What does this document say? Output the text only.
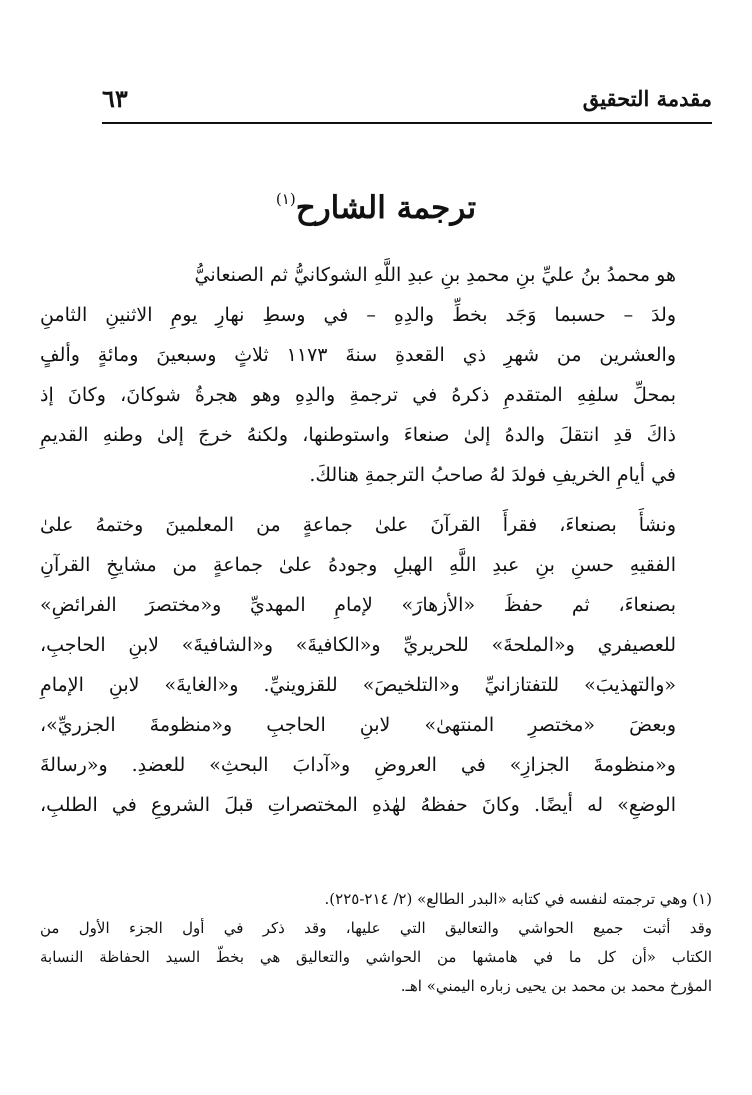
مقدمة التحقيق
٦٣
ترجمة الشارح$^{(١)}$

هو محمدُ بنُ عليِّ بنِ محمدِ بنِ عبدِ اللَّهِ الشوكانيُّ ثم الصنعانيُّ

ولدَ – حسبما وَجَد بخطِّ والدِهِ – في وسطِ نهارِ يومِ الاثنينِ الثامنِ
والعشرين من شهرِ ذي القعدةِ سنةَ ١١٧٣ ثلاثٍ وسبعينَ ومائةٍ وألفٍ
بمحلِّ سلفِهِ المتقدمِ ذكرهُ في ترجمةِ والدِهِ وهو هجرةُ شوكانَ، وكانَ إذ
ذاكَ قدِ انتقلَ والدهُ إلىٰ صنعاءَ واستوطنها، ولكنهُ خرجَ إلىٰ وطنهِ القديمِ
في أيامِ الخريفِ فولدَ لهُ صاحبُ الترجمةِ هنالكَ.

ونشأَ بصنعاءَ، فقرأَ القرآنَ علىٰ جماعةٍ من المعلمينَ وختمهُ علىٰ
الفقيهِ حسنِ بنِ عبدِ اللَّهِ الهبلِ وجودهُ علىٰ جماعةٍ من مشايخِ القرآنِ
بصنعاءَ، ثم حفظَ «الأزهارَ» لإمامِ المهديِّ و«مختصرَ الفرائضِ»
للعصيفري و«الملحةَ» للحريريِّ و«الكافيةَ» و«الشافيةَ» لابنِ الحاجبِ،
«والتهذيبَ» للتفتازانيِّ و«التلخيصَ» للقزوينيِّ. و«الغايةَ» لابنِ الإمامِ
وبعضَ «مختصرِ المنتهىٰ» لابنِ الحاجبِ و«منظومةَ الجزريِّ»،
و«منظومةَ الجزازِ» في العروضِ و«آدابَ البحثِ» للعضدِ. و«رسالةَ
الوضعِ» له أيضًا. وكانَ حفظهُ لهٰذهِ المختصراتِ قبلَ الشروعِ في الطلبِ،

(١) وهي ترجمته لنفسه في كتابه «البدر الطالع» (٢/ ٢١٤-٢٢٥).

وقد أثبت جميع الحواشي والتعاليق التي عليها، وقد ذكر في أول الجزء الأول من
الكتاب «أن كل ما في هامشها من الحواشي والتعاليق هي بخطّ السيد الحفاظة النسابة
المؤرخ محمد بن محمد بن يحيى زباره اليمني» اهـ.
